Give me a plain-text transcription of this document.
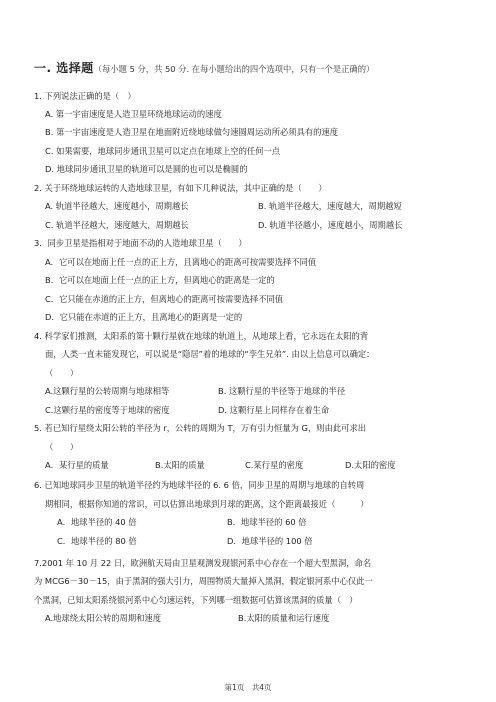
一. 选择题（每小题 5 分，共 50 分. 在每小题给出的四个选项中，只有一个是正确的）
1. 下列说法正确的是（　）
A. 第一宇宙速度是人造卫星环绕地球运动的速度
B. 第一宇宙速度是人造卫星在地面附近绕地球做匀速圆周运动所必须具有的速度
C. 如果需要，地球同步通讯卫星可以定点在地球上空的任何一点
D. 地球同步通讯卫星的轨道可以是圆的也可以是椭圆的
2. 关于环绕地球运转的人造地球卫星，有如下几种说法，其中正确的是（　　）
A. 轨道半径越大，速度越小，周期越长	B. 轨道半径越大，速度越大，周期越短
C. 轨道半径越大，速度越大，周期越长	D. 轨道半径越小，速度越小，周期越长
3．同步卫星是指相对于地面不动的人造地球卫星（　　）
A．它可以在地面上任一点的正上方，且离地心的距离可按需要选择不同值
B．它可以在地面上任一点的正上方，但离地心的距离是一定的
C．它只能在赤道的正上方，但离地心的距离可按需要选择不同值
D．它只能在赤道的正上方，且离地心的距离是一定的
4. 科学家们推测，太阳系的第十颗行星就在地球的轨道上，从地球上看，它永远在太阳的背
面，人类一直未能发现它，可以说是“隐居”着的地球的“孪生兄弟”. 由以上信息可以确定：
（　　）
A.这颗行星的公转周期与地球相等	B. 这颗行星的半径等于地球的半径
C.这颗行星的密度等于地球的密度	D. 这颗行星上同样存在着生命
5. 若已知行星绕太阳公转的半径为 r，公转的周期为 T，万有引力恒量为 G，则由此可求出
（　　）
A．某行星的质量	B.太阳的质量	C.某行星的密度	D.太阳的密度
6. 已知地球同步卫星的轨道半径约为地球半径的 6. 6 倍，同步卫星的周期与地球的自转周
期相同，根据你知道的常识，可以估算出地球到月球的距离，这个距离最接近（　　　）
A．地球半径的 40 倍	B．地球半径的 60 倍
C．地球半径的 80 倍	D．地球半径的 100 倍
7.2001 年 10 月 22 日，欧洲航天局由卫星观测发现银河系中心存在一个超大型黑洞，命名
为 MCG6－30－15，由于黑洞的强大引力，周围物质大量掉入黑洞，假定银河系中心仅此一
个黑洞，已知太阳系绕银河系中心匀速运转，下列哪一组数据可估算该黑洞的质量（　）
A.地球绕太阳公转的周期和速度	B.太阳的质量和运行速度
第1页　共4页
